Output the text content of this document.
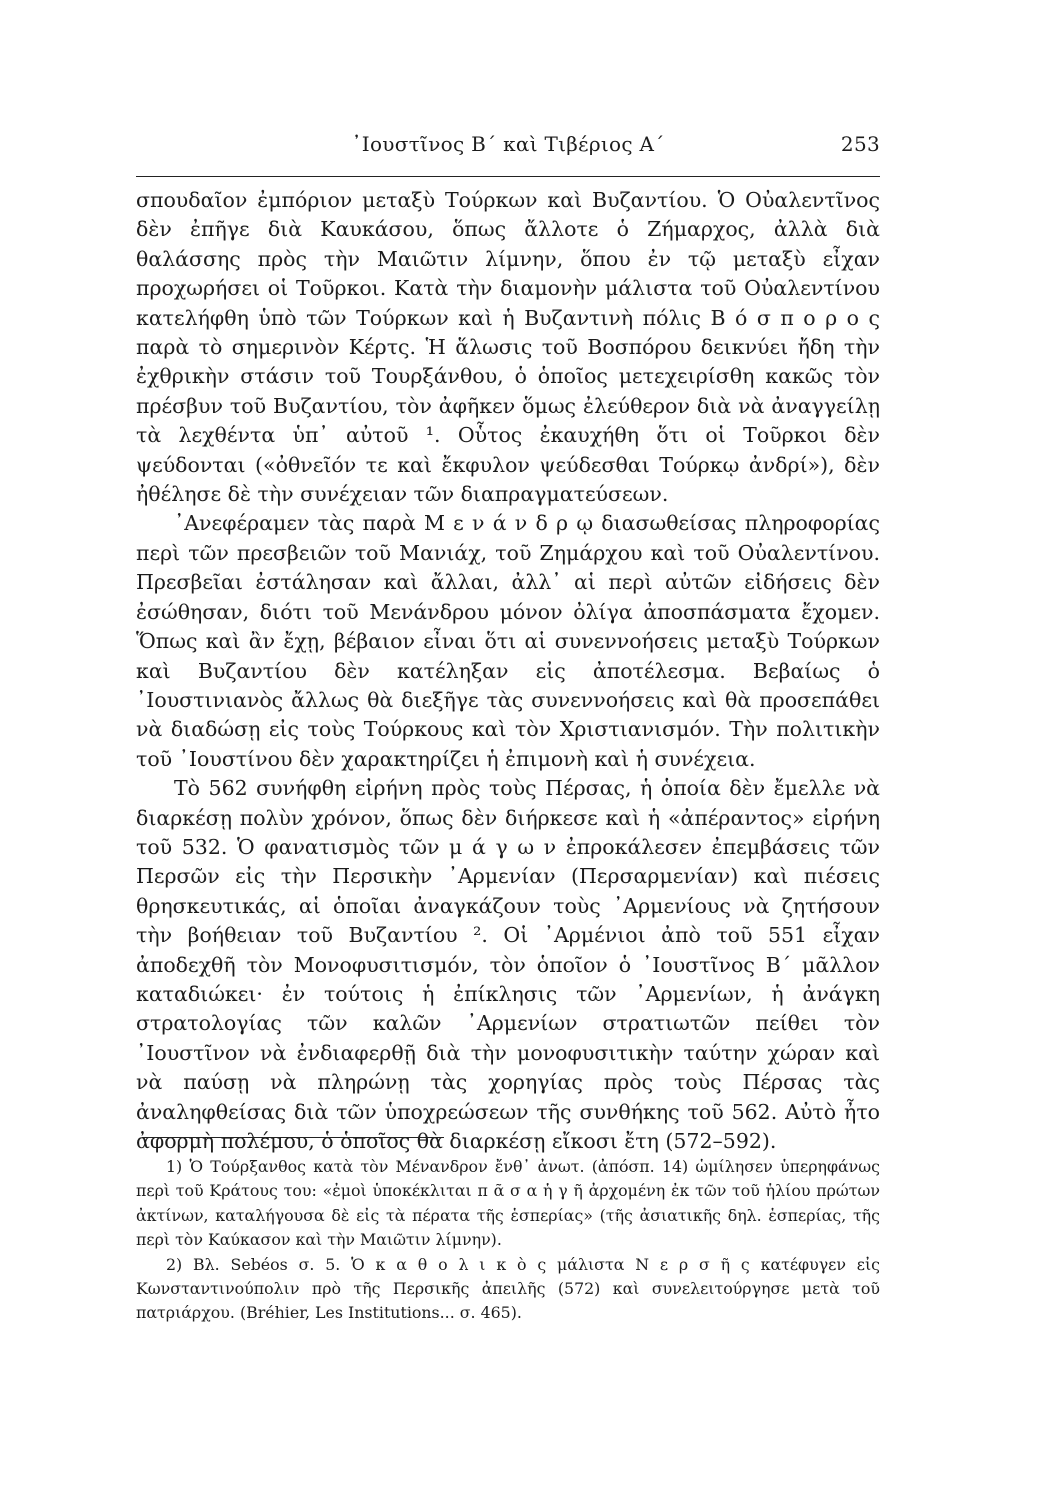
᾿Ιουστῖνος Β΄ καὶ Τιβέριος Α΄	253

σπουδαῖον ἐμπόριον μεταξὺ Τούρκων καὶ Βυζαντίου. Ὁ Οὐαλεντῖνος δὲν ἐπῆγε διὰ Καυκάσου, ὅπως ἄλλοτε ὁ Ζήμαρχος, ἀλλὰ διὰ θαλάσσης πρὸς τὴν Μαιῶτιν λίμνην, ὅπου ἐν τῷ μεταξὺ εἶχαν προχωρήσει οἱ Τοῦρκοι. Κατὰ τὴν διαμονὴν μάλιστα τοῦ Οὐαλεντίνου κατελήφθη ὑπὸ τῶν Τούρκων καὶ ἡ Βυζαντινὴ πόλις Β ό σ π ο ρ ο ς παρὰ τὸ σημερινὸν Κέρτς. Ἡ ἅλωσις τοῦ Βοσπόρου δεικνύει ἤδη τὴν ἐχθρικὴν στάσιν τοῦ Τουρξάνθου, ὁ ὁποῖος μετεχειρίσθη κακῶς τὸν πρέσβυν τοῦ Βυζαντίου, τὸν ἀφῆκεν ὅμως ἐλεύθερον διὰ νὰ ἀναγγείλῃ τὰ λεχθέντα ὑπ᾿ αὐτοῦ ¹. Οὗτος ἐκαυχήθη ὅτι οἱ Τοῦρκοι δὲν ψεύδονται («ὀθνεῖόν τε καὶ ἔκφυλον ψεύδεσθαι Τούρκῳ ἀνδρί»), δὲν ἠθέλησε δὲ τὴν συνέχειαν τῶν διαπραγματεύσεων.

᾿Ανεφέραμεν τὰς παρὰ Μ ε ν ά ν δ ρ ῳ διασωθείσας πληροφορίας περὶ τῶν πρεσβειῶν τοῦ Μανιάχ, τοῦ Ζημάρχου καὶ τοῦ Οὐαλεντίνου. Πρεσβεῖαι ἐστάλησαν καὶ ἄλλαι, ἀλλ᾿ αἱ περὶ αὐτῶν εἰδήσεις δὲν ἐσώθησαν, διότι τοῦ Μενάνδρου μόνον ὀλίγα ἀποσπάσματα ἔχομεν. Ὅπως καὶ ἂν ἔχῃ, βέβαιον εἶναι ὅτι αἱ συνεννοήσεις μεταξὺ Τούρκων καὶ Βυζαντίου δὲν κατέληξαν εἰς ἀποτέλεσμα. Βεβαίως ὁ ᾿Ιουστινιανὸς ἄλλως θὰ διεξῆγε τὰς συνεννοήσεις καὶ θὰ προσεπάθει νὰ διαδώσῃ εἰς τοὺς Τούρκους καὶ τὸν Χριστιανισμόν. Τὴν πολιτικὴν τοῦ ᾿Ιουστίνου δὲν χαρακτηρίζει ἡ ἐπιμονὴ καὶ ἡ συνέχεια.

Τὸ 562 συνήφθη εἰρήνη πρὸς τοὺς Πέρσας, ἡ ὁποία δὲν ἔμελλε νὰ διαρκέσῃ πολὺν χρόνον, ὅπως δὲν διήρκεσε καὶ ἡ «ἀπέραντος» εἰρήνη τοῦ 532. Ὁ φανατισμὸς τῶν μ ά γ ω ν ἐπροκάλεσεν ἐπεμβάσεις τῶν Περσῶν εἰς τὴν Περσικὴν ᾿Αρμενίαν (Περσαρμενίαν) καὶ πιέσεις θρησκευτικάς, αἱ ὁποῖαι ἀναγκάζουν τοὺς ᾿Αρμενίους νὰ ζητήσουν τὴν βοήθειαν τοῦ Βυζαντίου ². Οἱ ᾿Αρμένιοι ἀπὸ τοῦ 551 εἶχαν ἀποδεχθῆ τὸν Μονοφυσιτισμόν, τὸν ὁποῖον ὁ ᾿Ιουστῖνος Β΄ μᾶλλον καταδιώκει· ἐν τούτοις ἡ ἐπίκλησις τῶν ᾿Αρμενίων, ἡ ἀνάγκη στρατολογίας τῶν καλῶν ᾿Αρμενίων στρατιωτῶν πείθει τὸν ᾿Ιουστῖνον νὰ ἐνδιαφερθῇ διὰ τὴν μονοφυσιτικὴν ταύτην χώραν καὶ νὰ παύσῃ νὰ πληρώνῃ τὰς χορηγίας πρὸς τοὺς Πέρσας τὰς ἀναληφθείσας διὰ τῶν ὑποχρεώσεων τῆς συνθήκης τοῦ 562. Αὐτὸ ἦτο ἀφορμὴ πολέμου, ὁ ὁποῖος θὰ διαρκέσῃ εἴκοσι ἔτη (572–592).

1) Ὁ Τούρξανθος κατὰ τὸν Μένανδρον ἔνθ᾿ ἀνωτ. (ἀπόσπ. 14) ὡμίλησεν ὑπερηφάνως περὶ τοῦ Κράτους του: «ἐμοὶ ὑποκέκλιται π ᾶ σ α ἡ γ ῆ ἀρχομένη ἐκ τῶν τοῦ ἡλίου πρώτων ἀκτίνων, καταλήγουσα δὲ εἰς τὰ πέρατα τῆς ἑσπερίας» (τῆς ἀσιατικῆς δηλ. ἑσπερίας, τῆς περὶ τὸν Καύκασον καὶ τὴν Μαιῶτιν λίμνην).

2) Βλ. Sebéos σ. 5. Ὁ κ α θ ο λ ι κ ὸ ς μάλιστα Ν ε ρ σ ῆ ς κατέφυγεν εἰς Κωνσταντινούπολιν πρὸ τῆς Περσικῆς ἀπειλῆς (572) καὶ συνελειτούργησε μετὰ τοῦ πατριάρχου. (Bréhier, Les Institutions... σ. 465).
